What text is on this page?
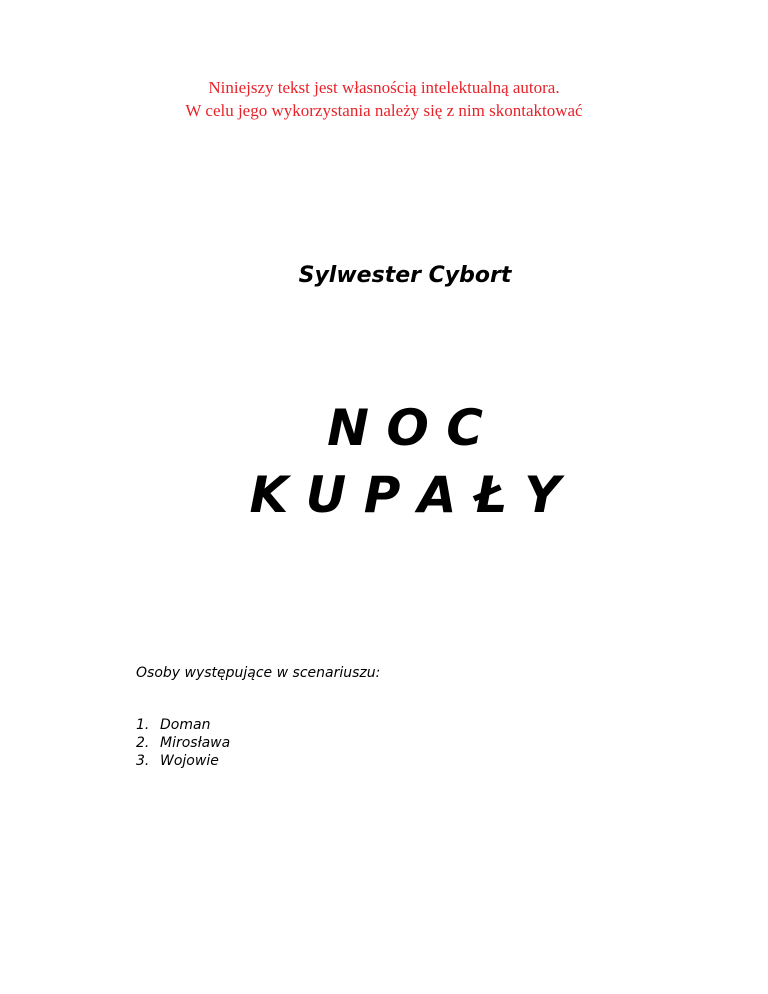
Niniejszy tekst jest własnością intelektualną autora.
W celu jego wykorzystania należy się z nim skontaktować
Sylwester Cybort
N O C
K U P A Ł Y
Osoby występujące w scenariuszu:
1. Doman
2. Mirosława
3. Wojowie
